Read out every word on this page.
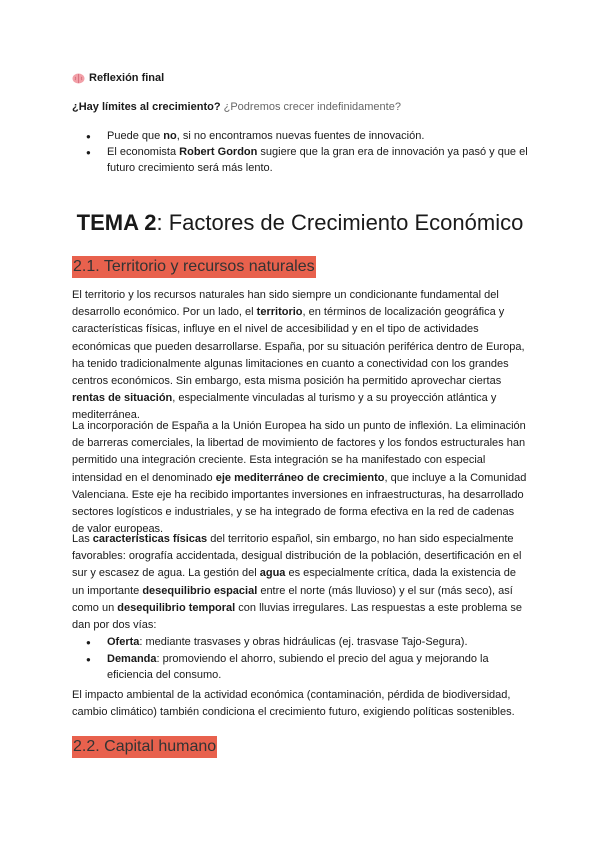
Reflexión final
¿Hay límites al crecimiento? ¿Podremos crecer indefinidamente?
● Puede que no, si no encontramos nuevas fuentes de innovación.
● El economista Robert Gordon sugiere que la gran era de innovación ya pasó y que el futuro crecimiento será más lento.
TEMA 2: Factores de Crecimiento Económico
2.1. Territorio y recursos naturales

El territorio y los recursos naturales han sido siempre un condicionante fundamental del desarrollo económico. Por un lado, el territorio, en términos de localización geográfica y características físicas, influye en el nivel de accesibilidad y en el tipo de actividades económicas que pueden desarrollarse. España, por su situación periférica dentro de Europa, ha tenido tradicionalmente algunas limitaciones en cuanto a conectividad con los grandes centros económicos. Sin embargo, esta misma posición ha permitido aprovechar ciertas rentas de situación, especialmente vinculadas al turismo y a su proyección atlántica y mediterránea.

La incorporación de España a la Unión Europea ha sido un punto de inflexión. La eliminación de barreras comerciales, la libertad de movimiento de factores y los fondos estructurales han permitido una integración creciente. Esta integración se ha manifestado con especial intensidad en el denominado eje mediterráneo de crecimiento, que incluye a la Comunidad Valenciana. Este eje ha recibido importantes inversiones en infraestructuras, ha desarrollado sectores logísticos e industriales, y se ha integrado de forma efectiva en la red de cadenas de valor europeas.

Las características físicas del territorio español, sin embargo, no han sido especialmente favorables: orografía accidentada, desigual distribución de la población, desertificación en el sur y escasez de agua. La gestión del agua es especialmente crítica, dada la existencia de un importante desequilibrio espacial entre el norte (más lluvioso) y el sur (más seco), así como un desequilibrio temporal con lluvias irregulares. Las respuestas a este problema se dan por dos vías:

● Oferta: mediante trasvases y obras hidráulicas (ej. trasvase Tajo-Segura).
● Demanda: promoviendo el ahorro, subiendo el precio del agua y mejorando la eficiencia del consumo.

El impacto ambiental de la actividad económica (contaminación, pérdida de biodiversidad, cambio climático) también condiciona el crecimiento futuro, exigiendo políticas sostenibles.

2.2. Capital humano
